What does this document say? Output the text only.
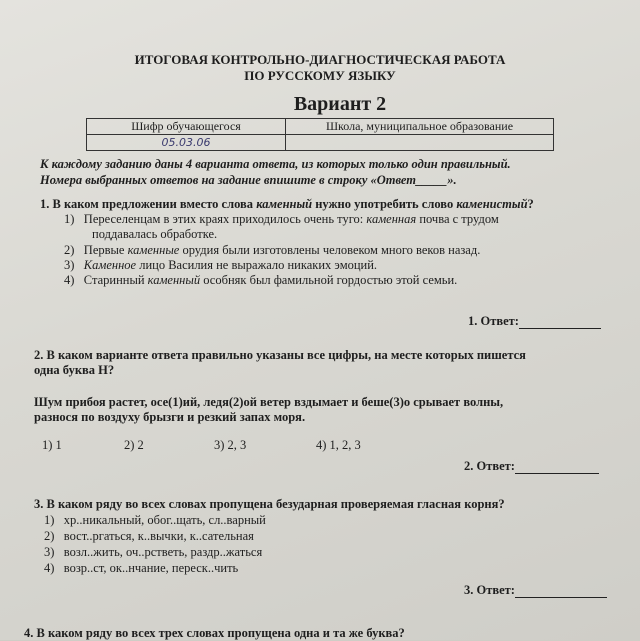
ИТОГОВАЯ КОНТРОЛЬНО-ДИАГНОСТИЧЕСКАЯ РАБОТА
ПО РУССКОМУ ЯЗЫКУ
Вариант 2
Шифр обучающегося	Школа, муниципальное образование
05.03.06	
К каждому заданию даны 4 варианта ответа, из которых только один правильный.
Номера выбранных ответов на задание впишите в строку «Ответ_____».
1. В каком предложении вместо слова каменный нужно употребить слово каменистый?
1) Переселенцам в этих краях приходилось очень туго: каменная почва с трудом
поддавалась обработке.
2) Первые каменные орудия были изготовлены человеком много веков назад.
3) Каменное лицо Василия не выражало никаких эмоций.
4) Старинный каменный особняк был фамильной гордостью этой семьи.
1. Ответ:
2. В каком варианте ответа правильно указаны все цифры, на месте которых пишется
одна буква Н?
Шум прибоя растет, осе(1)ий, ледя(2)ой ветер вздымает и беше(3)о срывает волны,
разнося по воздуху брызги и резкий запах моря.
1) 1	2) 2	3) 2, 3	4) 1, 2, 3
2. Ответ:
3. В каком ряду во всех словах пропущена безударная проверяемая гласная корня?
1) хр..никальный, обог..щать, сл..варный
2) вост..ргаться, к..вычки, к..сательная
3) возл..жить, оч..рстветь, раздр..жаться
4) возр..ст, ок..нчание, переск..чить
3. Ответ:
4. В каком ряду во всех трех словах пропущена одна и та же буква?
